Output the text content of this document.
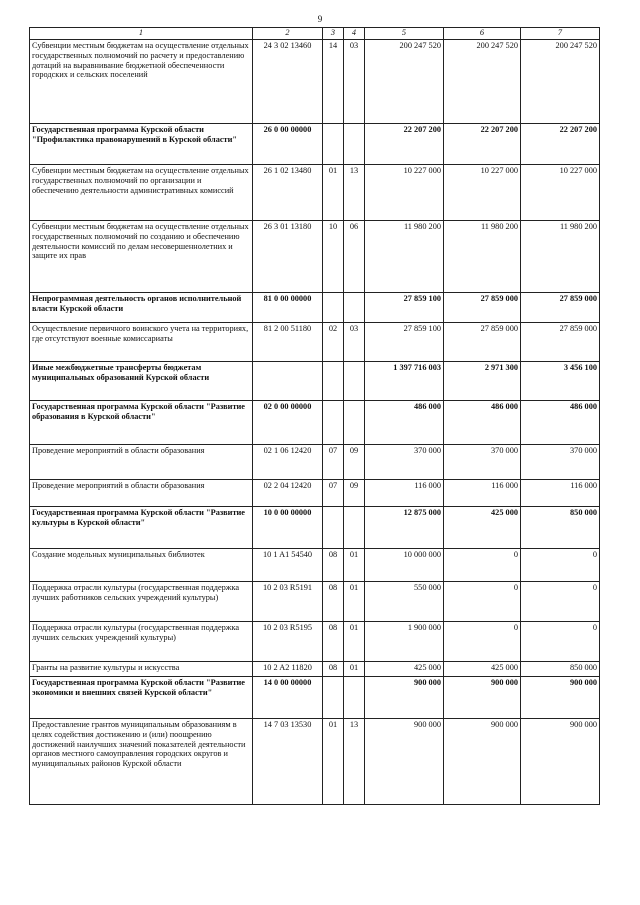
9
1	2	3	4	5	6	7
Субвенции местным бюджетам на осуществление отдельных государственных полномочий по расчету и предоставлению дотаций на выравнивание бюджетной обеспеченности городских и сельских поселений	24 3 02 13460	14	03	200 247 520	200 247 520	200 247 520
Государственная программа Курской области "Профилактика правонарушений в Курской области"	26 0 00 00000			22 207 200	22 207 200	22 207 200
Субвенции местным бюджетам на осуществление отдельных государственных полномочий по организации и обеспечению деятельности административных комиссий	26 1 02 13480	01	13	10 227 000	10 227 000	10 227 000
Субвенции местным бюджетам на осуществление отдельных государственных полномочий по созданию и обеспечению деятельности комиссий по делам несовершеннолетних и защите их прав	26 3 01 13180	10	06	11 980 200	11 980 200	11 980 200
Непрограммная деятельность органов исполнительной власти Курской области	81 0 00 00000			27 859 100	27 859 000	27 859 000
Осуществление первичного воинского учета на территориях, где отсутствуют военные комиссариаты	81 2 00 51180	02	03	27 859 100	27 859 000	27 859 000
Иные межбюджетные трансферты бюджетам муниципальных образований Курской области				1 397 716 003	2 971 300	3 456 100
Государственная программа Курской области "Развитие образования в Курской области"	02 0 00 00000			486 000	486 000	486 000
Проведение мероприятий в области образования	02 1 06 12420	07	09	370 000	370 000	370 000
Проведение мероприятий в области образования	02 2 04 12420	07	09	116 000	116 000	116 000
Государственная программа Курской области "Развитие культуры в Курской области"	10 0 00 00000			12 875 000	425 000	850 000
Создание модельных муниципальных библиотек	10 1 A1 54540	08	01	10 000 000	0	0
Поддержка отрасли культуры (государственная поддержка лучших работников сельских учреждений культуры)	10 2 03 R5191	08	01	550 000	0	0
Поддержка отрасли культуры (государственная поддержка лучших сельских учреждений культуры)	10 2 03 R5195	08	01	1 900 000	0	0
Гранты на развитие культуры и искусства	10 2 A2 11820	08	01	425 000	425 000	850 000
Государственная программа Курской области "Развитие экономики и внешних связей Курской области"	14 0 00 00000			900 000	900 000	900 000
Предоставление грантов муниципальным образованиям в целях содействия достижению и (или) поощрению достижений наилучших значений показателей деятельности органов местного самоуправления городских округов и муниципальных районов Курской области	14 7 03 13530	01	13	900 000	900 000	900 000
